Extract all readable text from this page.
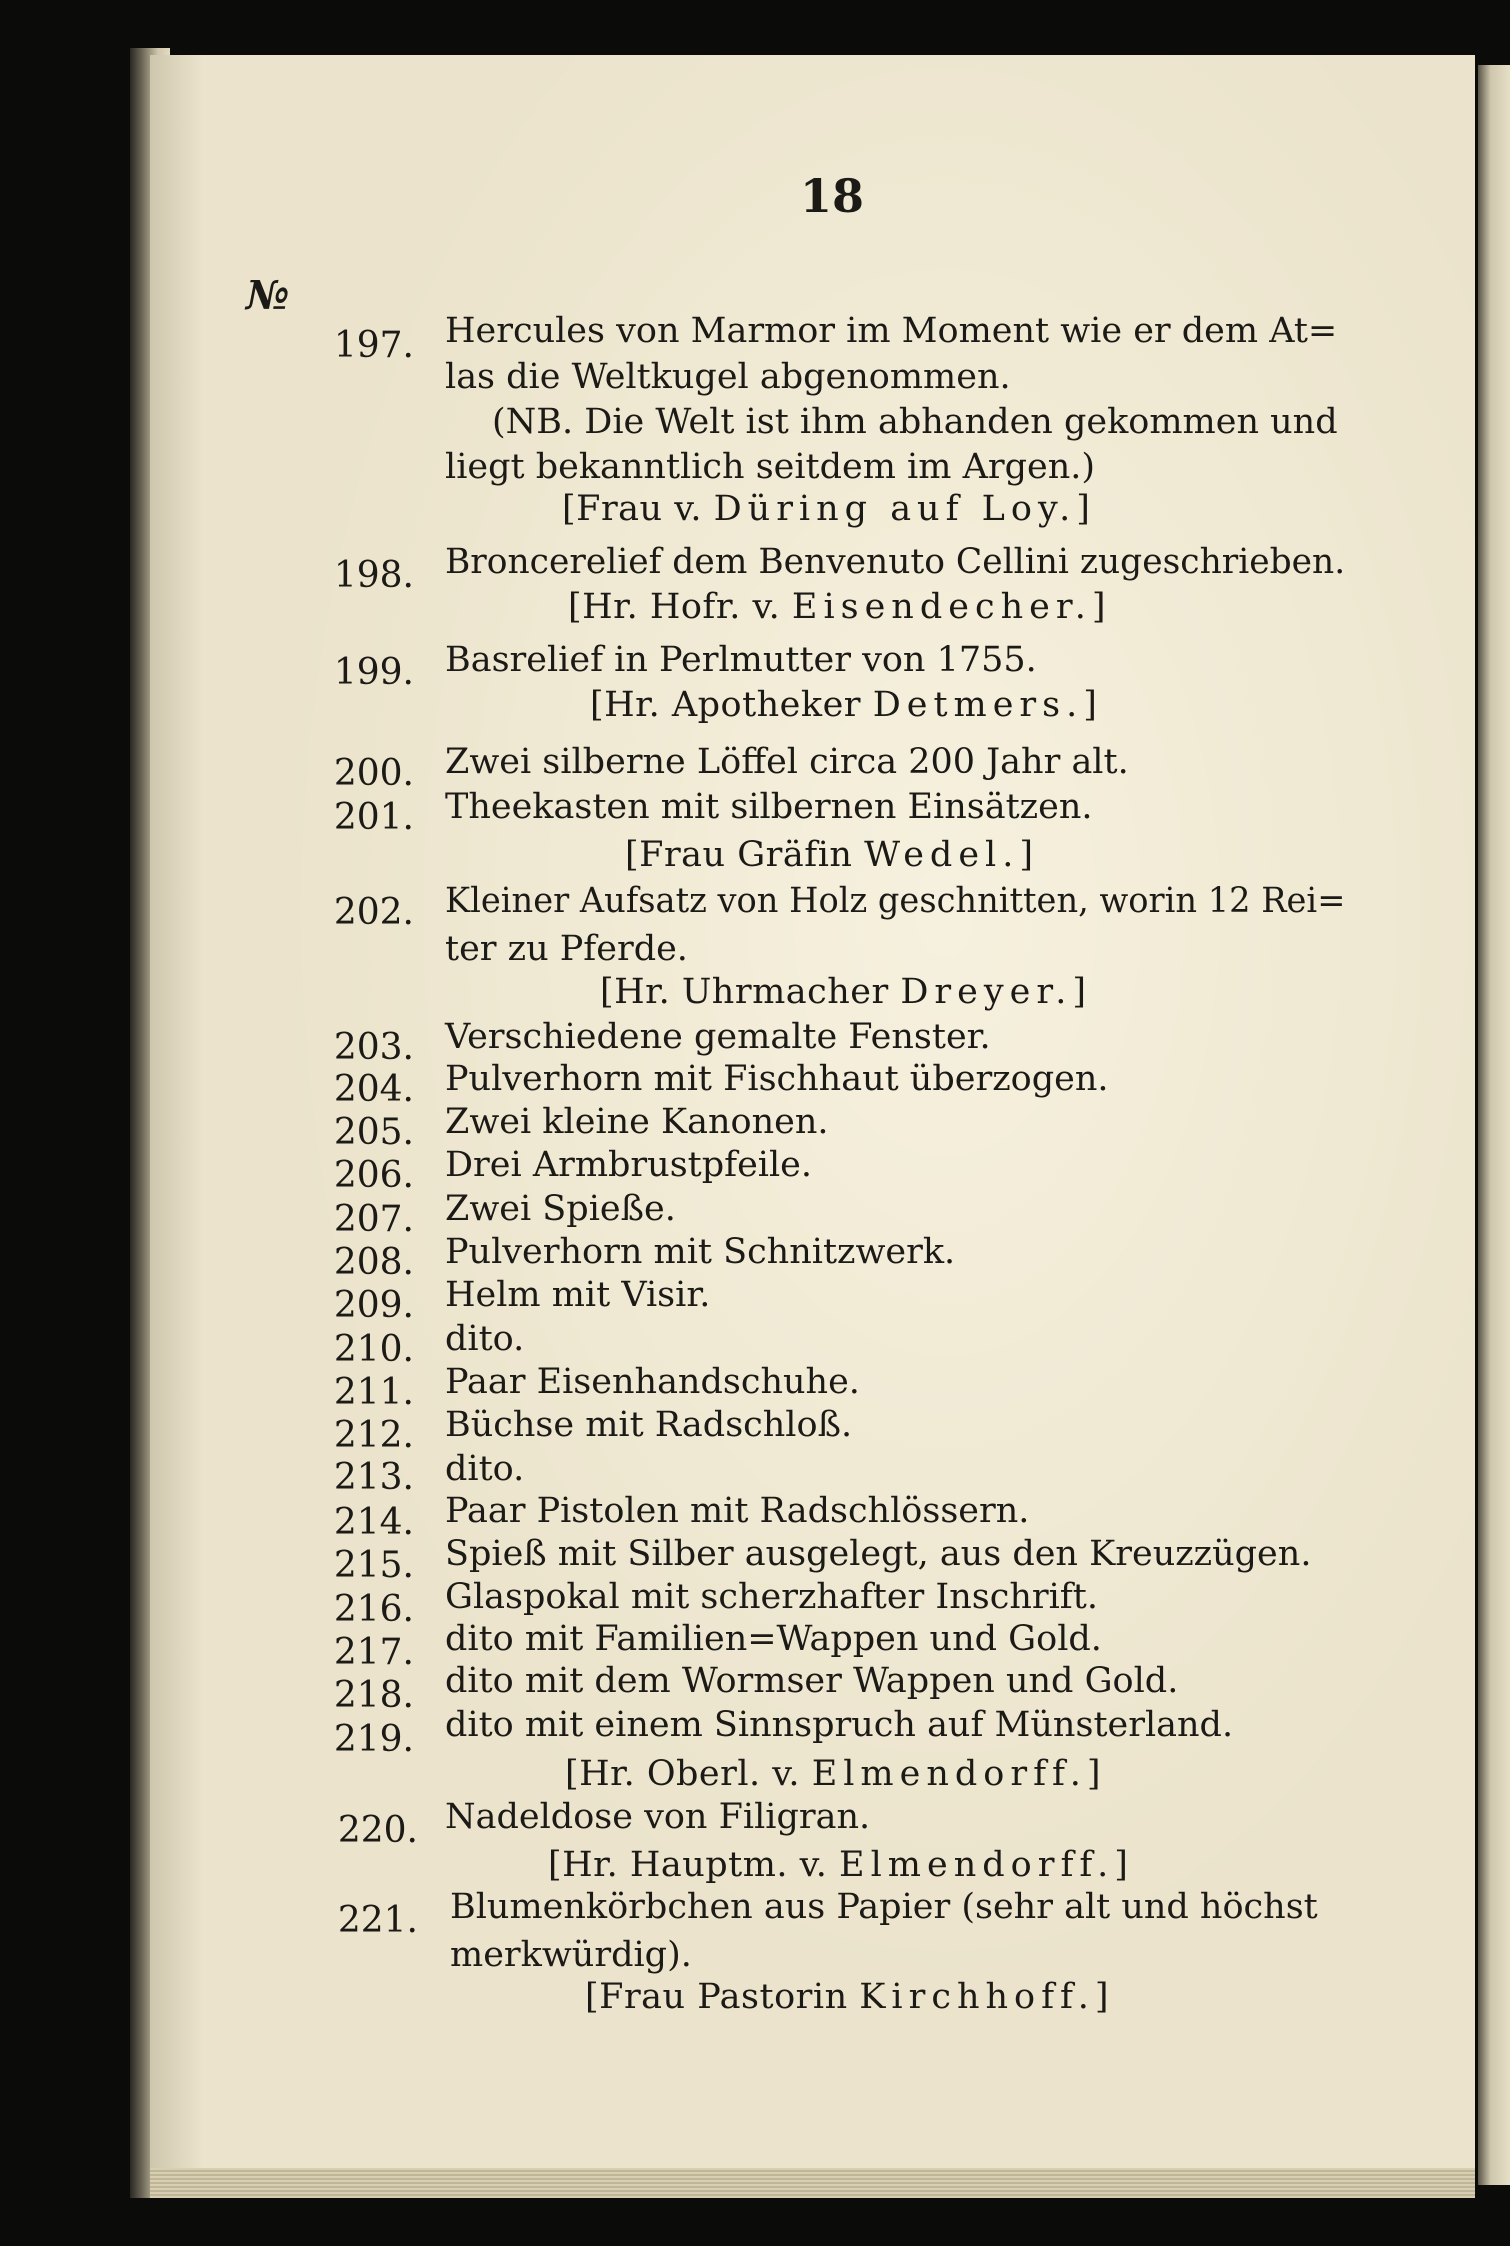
18
№
197. Hercules von Marmor im Moment wie er dem At=
las die Weltkugel abgenommen.
(NB. Die Welt ist ihm abhanden gekommen und
liegt bekanntlich seitdem im Argen.)
[Frau v. Düring auf Loy.]
198. Broncerelief dem Benvenuto Cellini zugeschrieben.
[Hr. Hofr. v. Eisendecher.]
199. Basrelief in Perlmutter von 1755.
[Hr. Apotheker Detmers.]
200. Zwei silberne Löffel circa 200 Jahr alt.
201. Theekasten mit silbernen Einsätzen.
[Frau Gräfin Wedel.]
202. Kleiner Aufsatz von Holz geschnitten, worin 12 Rei=
ter zu Pferde.
[Hr. Uhrmacher Dreyer.]
203. Verschiedene gemalte Fenster.
204. Pulverhorn mit Fischhaut überzogen.
205. Zwei kleine Kanonen.
206. Drei Armbrustpfeile.
207. Zwei Spieße.
208. Pulverhorn mit Schnitzwerk.
209. Helm mit Visir.
210. dito.
211. Paar Eisenhandschuhe.
212. Büchse mit Radschloß.
213. dito.
214. Paar Pistolen mit Radschlössern.
215. Spieß mit Silber ausgelegt, aus den Kreuzzügen.
216. Glaspokal mit scherzhafter Inschrift.
217. dito mit Familien=Wappen und Gold.
218. dito mit dem Wormser Wappen und Gold.
219. dito mit einem Sinnspruch auf Münsterland.
[Hr. Oberl. v. Elmendorff.]
220. Nadeldose von Filigran.
[Hr. Hauptm. v. Elmendorff.]
221. Blumenkörbchen aus Papier (sehr alt und höchst
merkwürdig).
[Frau Pastorin Kirchhoff.]
